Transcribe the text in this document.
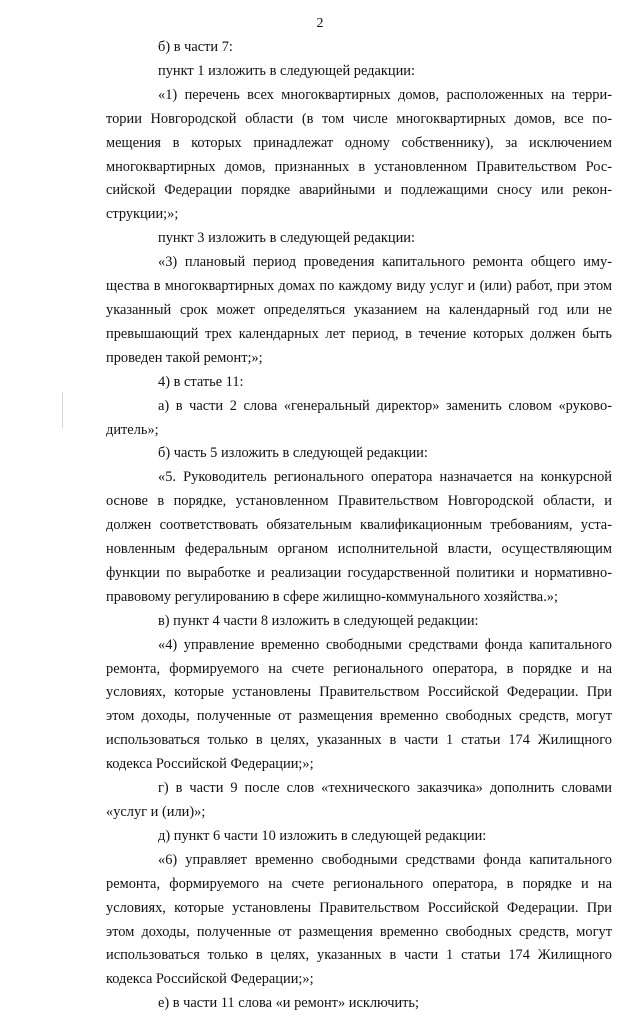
2

б) в части 7:

пункт 1 изложить в следующей редакции:

«1) перечень всех многоквартирных домов, расположенных на территории Новгородской области (в том числе многоквартирных домов, все помещения в которых принадлежат одному собственнику), за исключением многоквартирных домов, признанных в установленном Правительством Российской Федерации порядке аварийными и подлежащими сносу или реконструкции;»;

пункт 3 изложить в следующей редакции:

«3) плановый период проведения капитального ремонта общего имущества в многоквартирных домах по каждому виду услуг и (или) работ, при этом указанный срок может определяться указанием на календарный год или не превышающий трех календарных лет период, в течение которых должен быть проведен такой ремонт;»;

4) в статье 11:

а) в части 2 слова «генеральный директор» заменить словом «руководитель»;

б) часть 5 изложить в следующей редакции:

«5. Руководитель регионального оператора назначается на конкурсной основе в порядке, установленном Правительством Новгородской области, и должен соответствовать обязательным квалификационным требованиям, установленным федеральным органом исполнительной власти, осуществляющим функции по выработке и реализации государственной политики и нормативно-правовому регулированию в сфере жилищно-коммунального хозяйства.»;

в) пункт 4 части 8 изложить в следующей редакции:

«4) управление временно свободными средствами фонда капитального ремонта, формируемого на счете регионального оператора, в порядке и на условиях, которые установлены Правительством Российской Федерации. При этом доходы, полученные от размещения временно свободных средств, могут использоваться только в целях, указанных в части 1 статьи 174 Жилищного кодекса Российской Федерации;»;

г) в части 9 после слов «технического заказчика» дополнить словами «услуг и (или)»;

д) пункт 6 части 10 изложить в следующей редакции:

«6) управляет временно свободными средствами фонда капитального ремонта, формируемого на счете регионального оператора, в порядке и на условиях, которые установлены Правительством Российской Федерации. При этом доходы, полученные от размещения временно свободных средств, могут использоваться только в целях, указанных в части 1 статьи 174 Жилищного кодекса Российской Федерации;»;

е) в части 11 слова «и ремонт» исключить;
